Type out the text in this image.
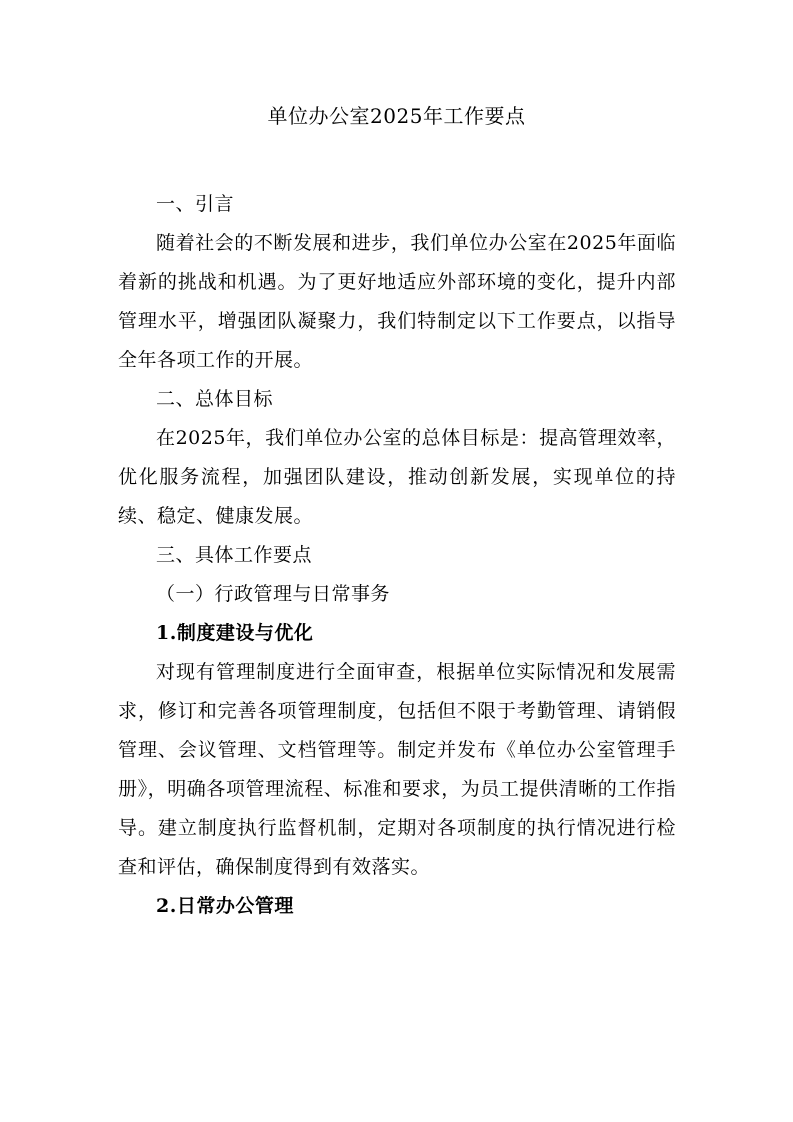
单位办公室2025年工作要点

一、引言

随着社会的不断发展和进步，我们单位办公室在2025年面临着新的挑战和机遇。为了更好地适应外部环境的变化，提升内部管理水平，增强团队凝聚力，我们特制定以下工作要点，以指导全年各项工作的开展。

二、总体目标

在2025年，我们单位办公室的总体目标是：提高管理效率，优化服务流程，加强团队建设，推动创新发展，实现单位的持续、稳定、健康发展。

三、具体工作要点

（一）行政管理与日常事务

1.制度建设与优化

对现有管理制度进行全面审查，根据单位实际情况和发展需求，修订和完善各项管理制度，包括但不限于考勤管理、请销假管理、会议管理、文档管理等。制定并发布《单位办公室管理手册》，明确各项管理流程、标准和要求，为员工提供清晰的工作指导。建立制度执行监督机制，定期对各项制度的执行情况进行检查和评估，确保制度得到有效落实。

2.日常办公管理
